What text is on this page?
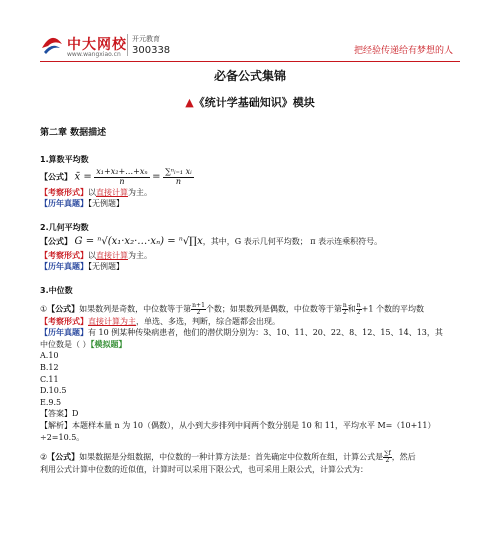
中大网校
www.wangxiao.cn
开元教育
300338	把经验传递给有梦想的人
必备公式集锦
▲《统计学基础知识》模块
第二章 数据描述
1.算数平均数
【公式】 x̄ = $\frac{\text{x₁+x₂+…+xₙ}}{n} = \frac{\text{∑ⁿᵢ₌₁ xᵢ}}{n}$
【考察形式】以直接计算为主。
【历年真题】【无例题】
2.几何平均数
【公式】 G = ⁿ√(x₁·x₂·…·xₙ) = ⁿ√∏x，其中，G 表示几何平均数； π 表示连乘积符号。
【考察形式】以直接计算为主。
【历年真题】【无例题】
3.中位数
①【公式】如果数列是奇数，中位数等于第 $\frac{n+1}{2}$ 个数；如果数列是偶数，中位数等于第 $\frac{n}{2}$ 和 $\frac{n}{2} +1$ 个数的平均数
【考察形式】直接计算为主，单选、多选，判断，综合题都会出现。
【历年真题】有 10 例某种传染病患者，他们的潜伏期分别为：3、10、11、20、22、8、12、15、14、13，其
中位数是（ ）【模拟题】
A.10
B.12
C.11
D.10.5
E.9.5
【答案】D
【解析】本题样本量 n 为 10（偶数），从小到大步排列中间两个数分别是 10 和 11，平均水平 M=（10+11）
÷2=10.5。
②【公式】如果数据是分组数据，中位数的一种计算方法是：首先确定中位数所在组，计算公式是 $\frac{\sum f}{2}$ ，然后
利用公式计算中位数的近似值，计算时可以采用下限公式，也可采用上限公式，计算公式为：
